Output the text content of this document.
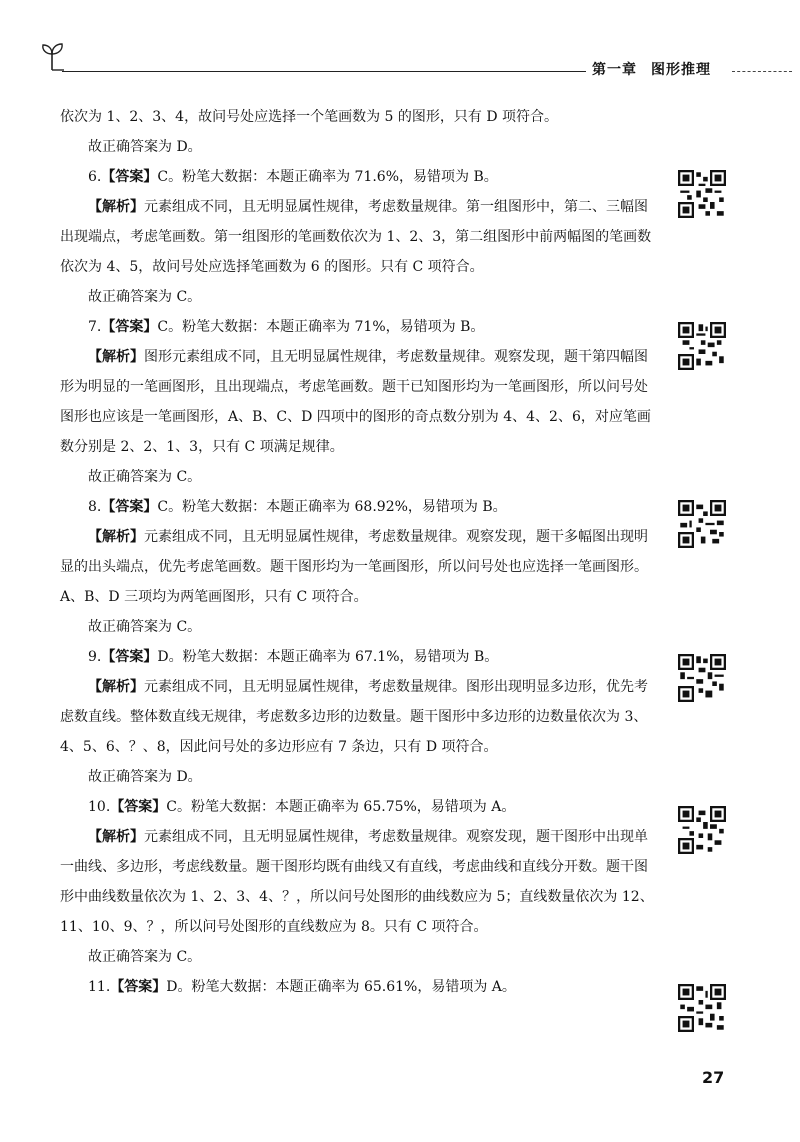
第一章 图形推理

依次为 1、2、3、4，故问号处应选择一个笔画数为 5 的图形，只有 D 项符合。

故正确答案为 D。

6.【答案】C。粉笔大数据：本题正确率为 71.6%，易错项为 B。

【解析】元素组成不同，且无明显属性规律，考虑数量规律。第一组图形中，第二、三幅图出现端点，考虑笔画数。第一组图形的笔画数依次为 1、2、3，第二组图形中前两幅图的笔画数依次为 4、5，故问号处应选择笔画数为 6 的图形。只有 C 项符合。

故正确答案为 C。

7.【答案】C。粉笔大数据：本题正确率为 71%，易错项为 B。

【解析】图形元素组成不同，且无明显属性规律，考虑数量规律。观察发现，题干第四幅图形为明显的一笔画图形，且出现端点，考虑笔画数。题干已知图形均为一笔画图形，所以问号处图形也应该是一笔画图形，A、B、C、D 四项中的图形的奇点数分别为 4、4、2、6，对应笔画数分别是 2、2、1、3，只有 C 项满足规律。

故正确答案为 C。

8.【答案】C。粉笔大数据：本题正确率为 68.92%，易错项为 B。

【解析】元素组成不同，且无明显属性规律，考虑数量规律。观察发现，题干多幅图出现明显的出头端点，优先考虑笔画数。题干图形均为一笔画图形，所以问号处也应选择一笔画图形。A、B、D 三项均为两笔画图形，只有 C 项符合。

故正确答案为 C。

9.【答案】D。粉笔大数据：本题正确率为 67.1%，易错项为 B。

【解析】元素组成不同，且无明显属性规律，考虑数量规律。图形出现明显多边形，优先考虑数直线。整体数直线无规律，考虑数多边形的边数量。题干图形中多边形的边数量依次为 3、4、5、6、？、8，因此问号处的多边形应有 7 条边，只有 D 项符合。

故正确答案为 D。

10.【答案】C。粉笔大数据：本题正确率为 65.75%，易错项为 A。

【解析】元素组成不同，且无明显属性规律，考虑数量规律。观察发现，题干图形中出现单一曲线、多边形，考虑线数量。题干图形均既有曲线又有直线，考虑曲线和直线分开数。题干图形中曲线数量依次为 1、2、3、4、？，所以问号处图形的曲线数应为 5；直线数量依次为 12、11、10、9、？，所以问号处图形的直线数应为 8。只有 C 项符合。

故正确答案为 C。

11.【答案】D。粉笔大数据：本题正确率为 65.61%，易错项为 A。

27
